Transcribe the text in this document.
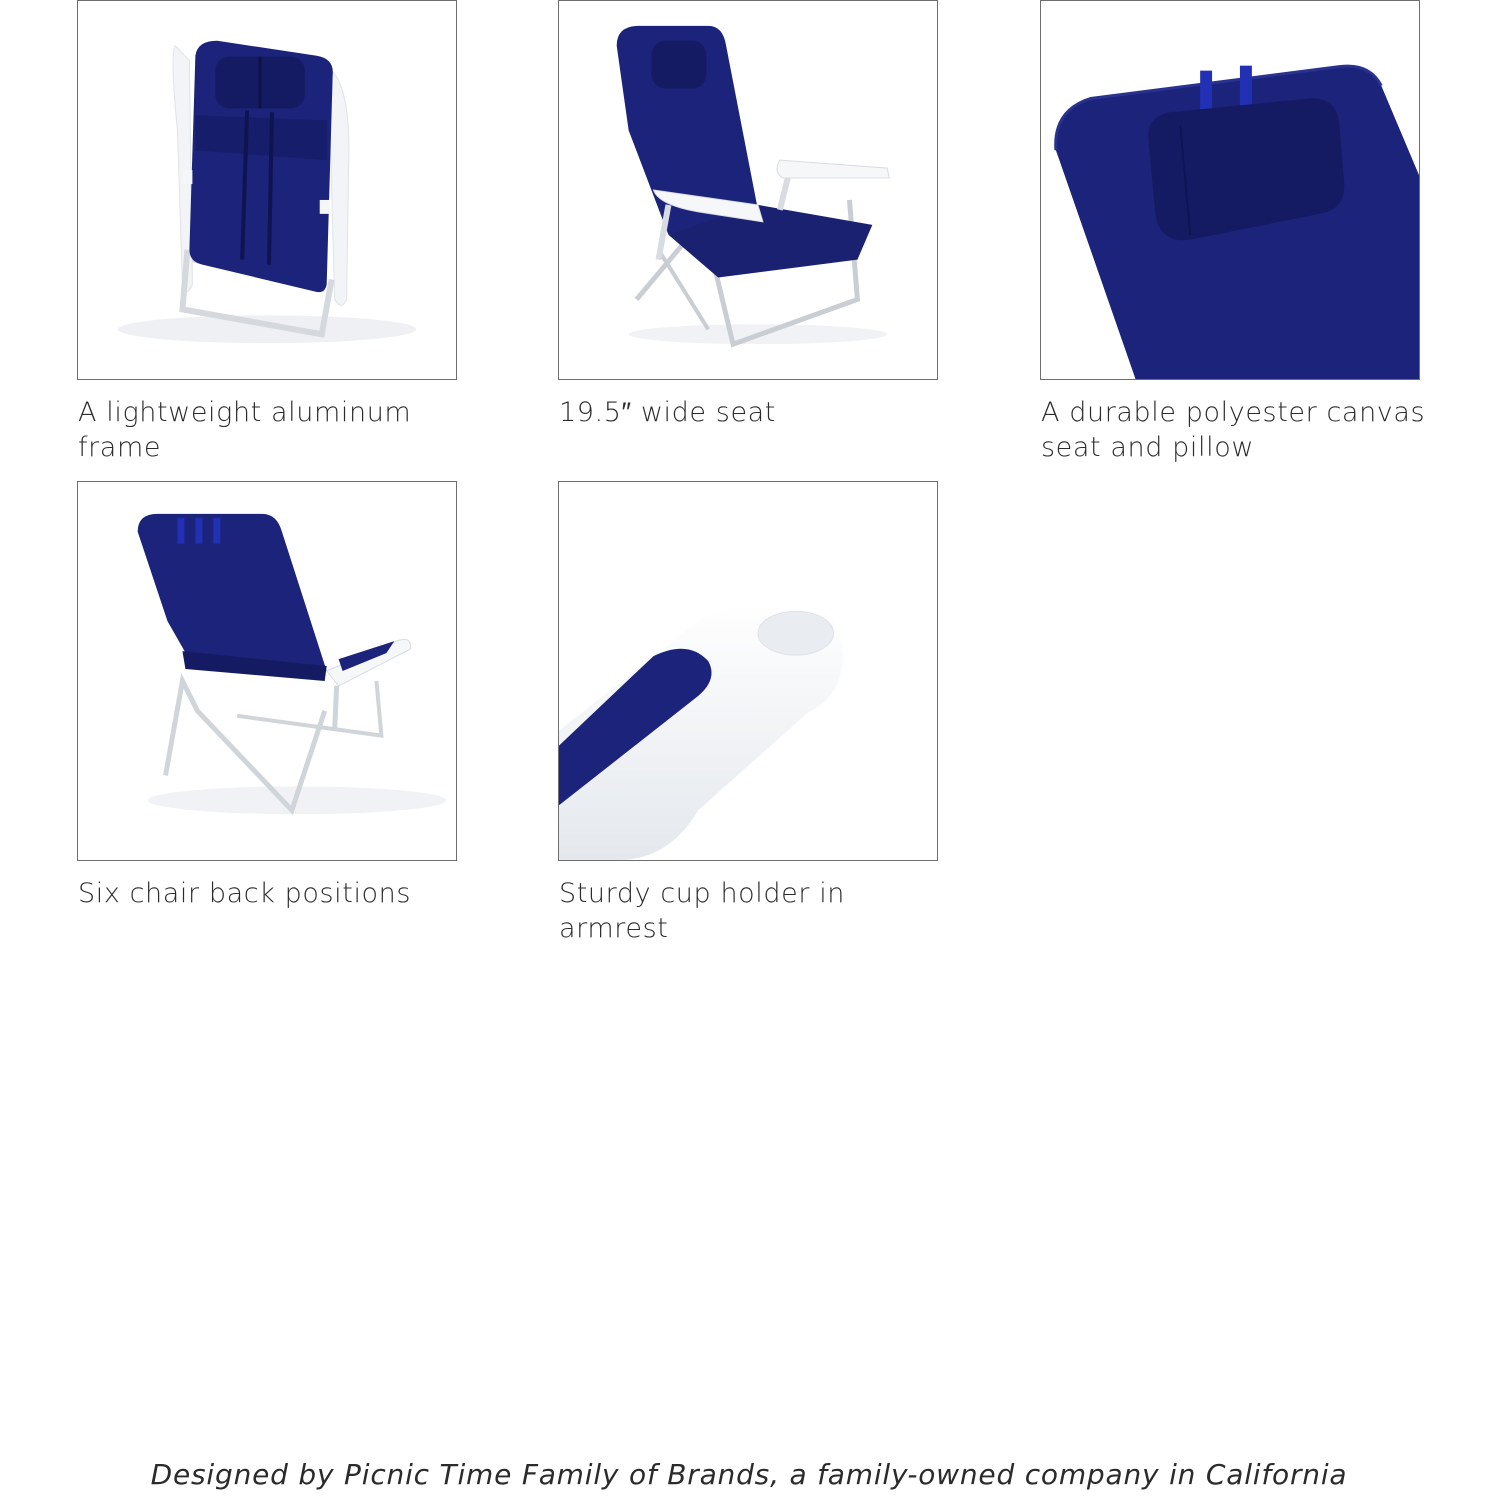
A lightweight aluminum frame
19.5″ wide seat	A durable polyester canvas seat and pillow
Six chair back positions	Sturdy cup holder in armrest
Designed by Picnic Time Family of Brands, a family-owned company in California
